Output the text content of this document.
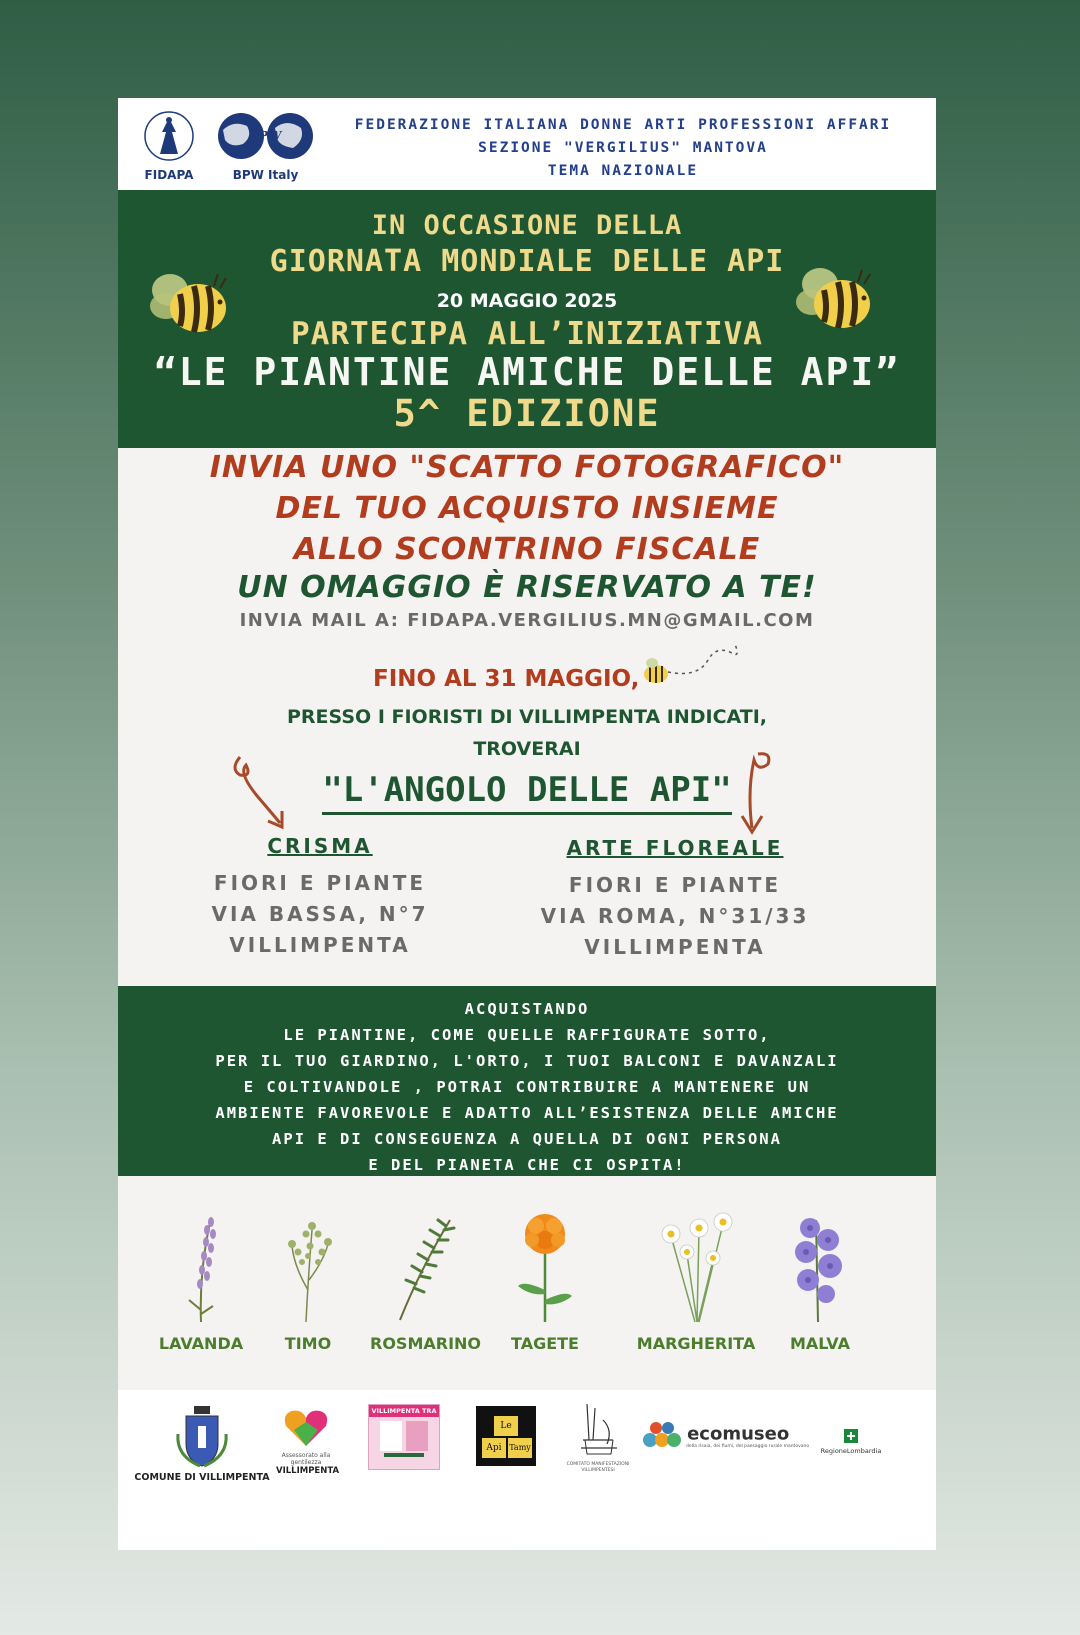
FIDAPA
BPW
BPW Italy
FEDERAZIONE ITALIANA DONNE ARTI PROFESSIONI AFFARI
SEZIONE "VERGILIUS" MANTOVA
TEMA NAZIONALE
IN OCCASIONE DELLA
GIORNATA MONDIALE DELLE API
20 MAGGIO 2025
PARTECIPA ALL’INIZIATIVA
“LE PIANTINE AMICHE DELLE API”
5^ EDIZIONE
INVIA UNO "SCATTO FOTOGRAFICO"
DEL TUO ACQUISTO INSIEME
ALLO SCONTRINO FISCALE
UN OMAGGIO È RISERVATO A TE!
INVIA MAIL A: FIDAPA.VERGILIUS.MN@GMAIL.COM
FINO AL 31 MAGGIO,
PRESSO I FIORISTI DI VILLIMPENTA INDICATI,
TROVERAI
"L'ANGOLO DELLE API"
CRISMA
FIORI E PIANTE
VIA BASSA, N°7
VILLIMPENTA
ARTE FLOREALE
FIORI E PIANTE
VIA ROMA, N°31/33
VILLIMPENTA
ACQUISTANDO
LE PIANTINE, COME QUELLE RAFFIGURATE SOTTO,
PER IL TUO GIARDINO, L'ORTO, I TUOI BALCONI E DAVANZALI
E COLTIVANDOLE , POTRAI CONTRIBUIRE A MANTENERE UN
AMBIENTE FAVOREVOLE E ADATTO ALL’ESISTENZA DELLE AMICHE
API E DI CONSEGUENZA A QUELLA DI OGNI PERSONA
E DEL PIANETA CHE CI OSPITA!
LAVANDA	TIMO	ROSMARINO	TAGETE	MARGHERITA	MALVA
COMUNE DI VILLIMPENTA
Assessorato alla gentilezza
VILLIMPENTA
VILLIMPENTA TRA
Le
Api Tamy
COMITATO MANIFESTAZIONI VILLIMPENTESI
ecomuseo
della risaia, dei fiumi, del paesaggio rurale mantovano
RegioneLombardia
